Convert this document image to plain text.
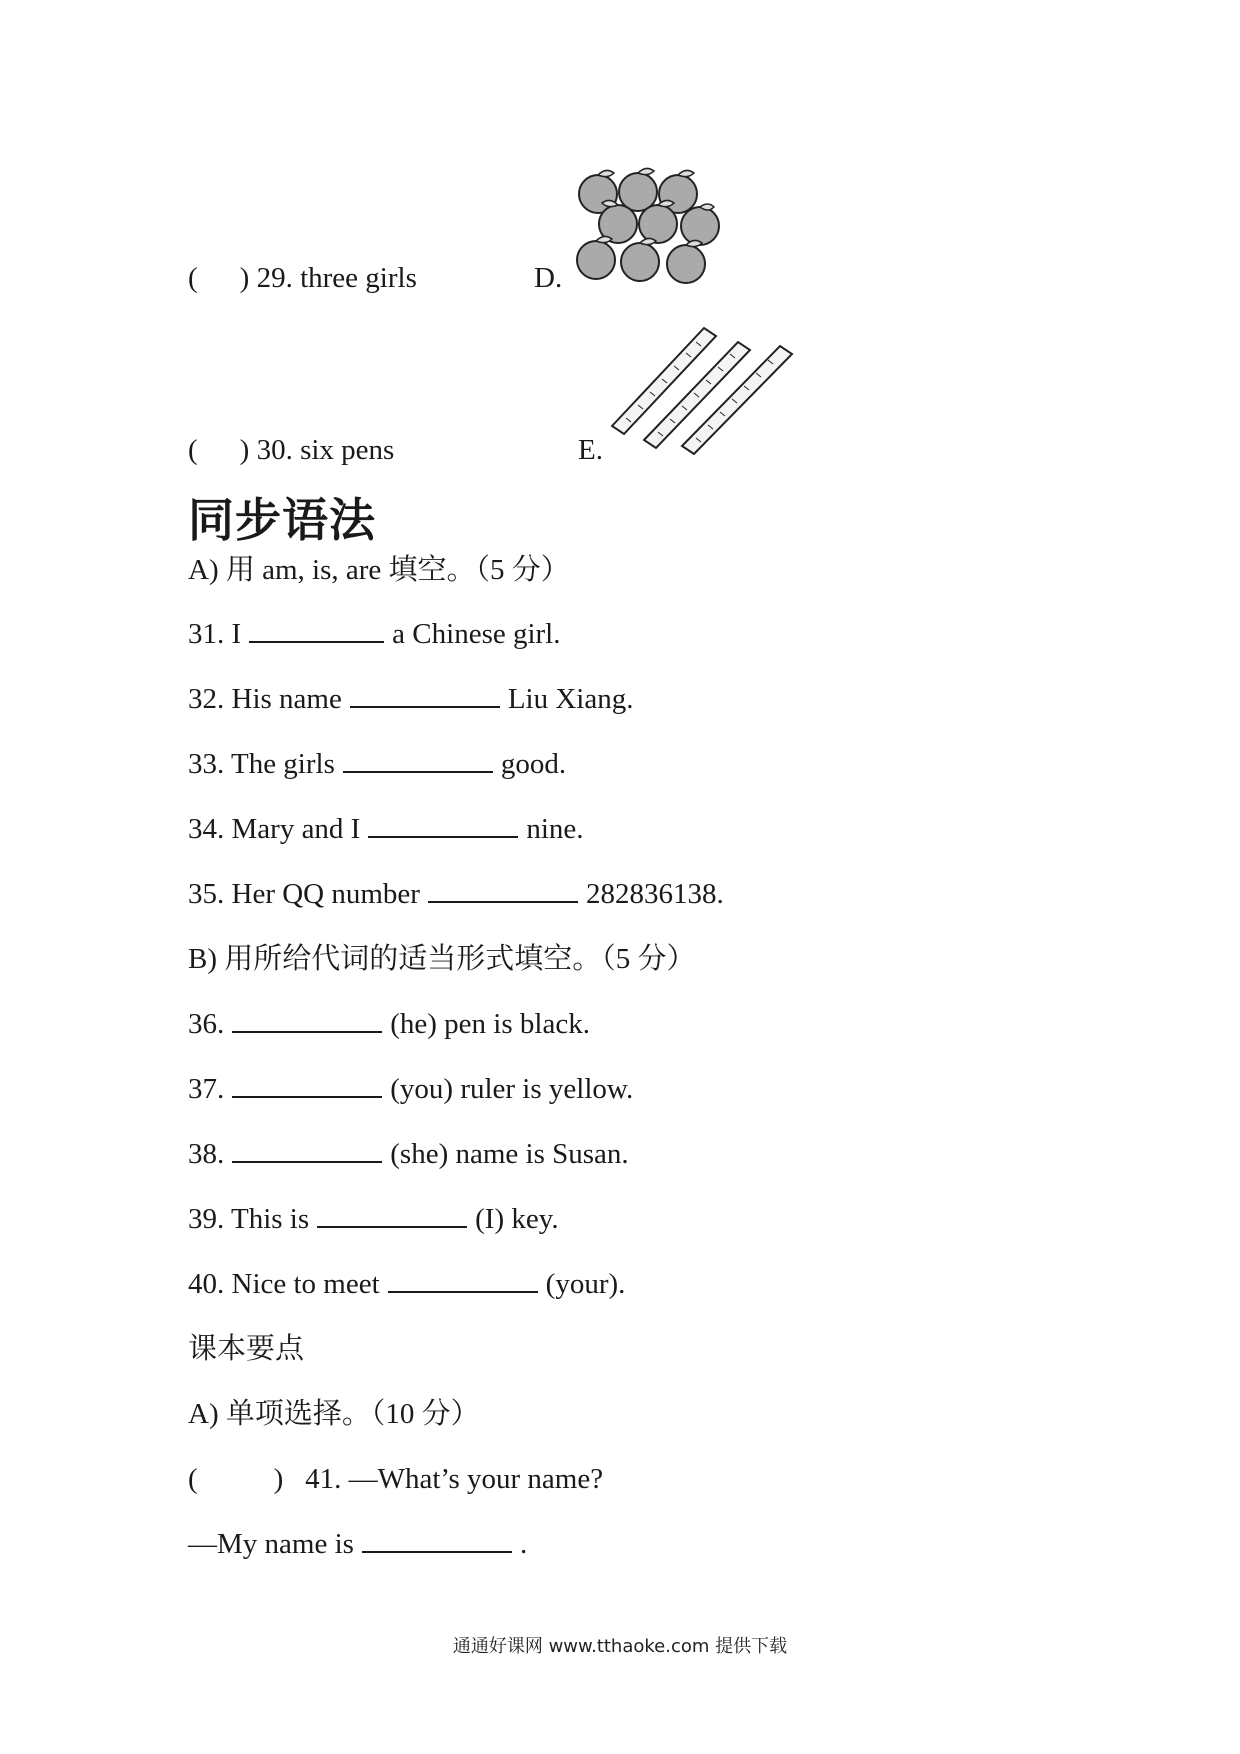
( ) 29. three girls	D.
( ) 30. six pens	E.
同步语法
A) 用 am, is, are 填空。（5 分）
31. I	a Chinese girl.
32. His name	Liu Xiang.
33. The girls	good.
34. Mary and I	nine.
35. Her QQ number	282836138.
B) 用所给代词的适当形式填空。（5 分）
36.	(he) pen is black.
37.	(you) ruler is yellow.
38.	(she) name is Susan.
39. This is	(I) key.
40. Nice to meet	(your).
课本要点
A) 单项选择。（10 分）
(	) 41. —What’s your name?
—My name is	.
通通好课网 www.tthaoke.com 提供下载
